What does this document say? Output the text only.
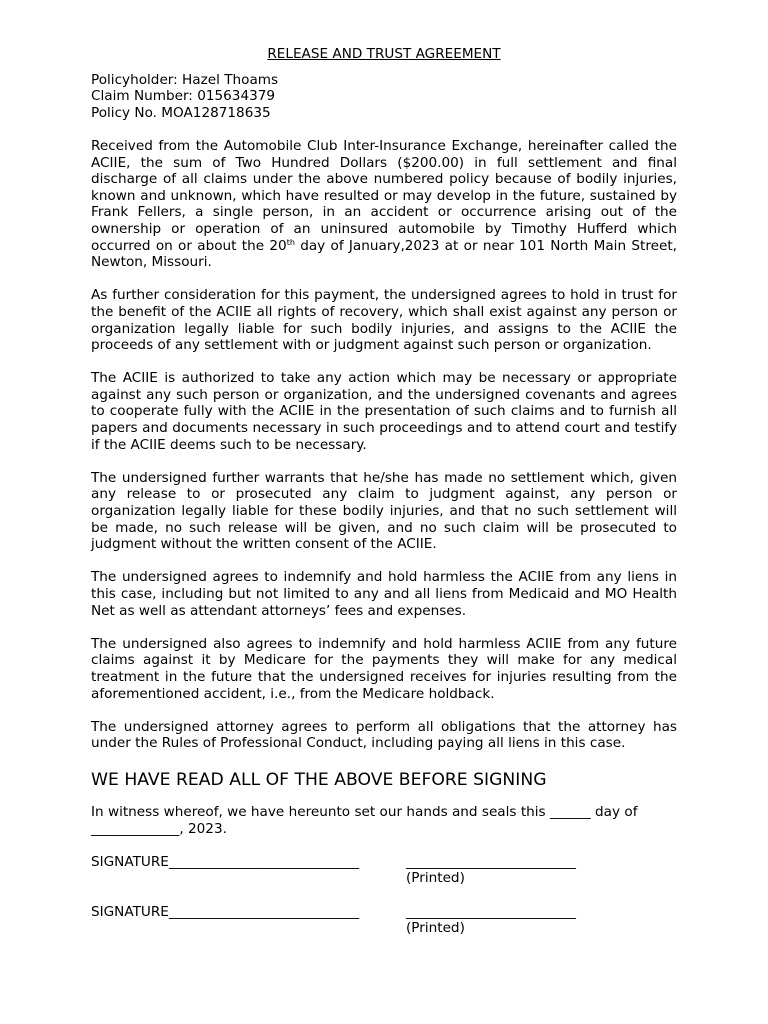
RELEASE AND TRUST AGREEMENT
Policyholder: Hazel Thoams
Claim Number: 015634379
Policy No. MOA128718635

Received from the Automobile Club Inter-Insurance Exchange, hereinafter called the ACIIE, the sum of Two Hundred Dollars ($200.00) in full settlement and final discharge of all claims under the above numbered policy because of bodily injuries, known and unknown, which have resulted or may develop in the future, sustained by Frank Fellers, a single person, in an accident or occurrence arising out of the ownership or operation of an uninsured automobile by Timothy Hufferd which occurred on or about the 20th day of January,2023 at or near 101 North Main Street, Newton, Missouri.

As further consideration for this payment, the undersigned agrees to hold in trust for the benefit of the ACIIE all rights of recovery, which shall exist against any person or organization legally liable for such bodily injuries, and assigns to the ACIIE the proceeds of any settlement with or judgment against such person or organization.

The ACIIE is authorized to take any action which may be necessary or appropriate against any such person or organization, and the undersigned covenants and agrees to cooperate fully with the ACIIE in the presentation of such claims and to furnish all papers and documents necessary in such proceedings and to attend court and testify if the ACIIE deems such to be necessary.

The undersigned further warrants that he/she has made no settlement which, given any release to or prosecuted any claim to judgment against, any person or organization legally liable for these bodily injuries, and that no such settlement will be made, no such release will be given, and no such claim will be prosecuted to judgment without the written consent of the ACIIE.

The undersigned agrees to indemnify and hold harmless the ACIIE from any liens in this case, including but not limited to any and all liens from Medicaid and MO Health Net as well as attendant attorneys’ fees and expenses.

The undersigned also agrees to indemnify and hold harmless ACIIE from any future claims against it by Medicare for the payments they will make for any medical treatment in the future that the undersigned receives for injuries resulting from the aforementioned accident, i.e., from the Medicare holdback.

The undersigned attorney agrees to perform all obligations that the attorney has under the Rules of Professional Conduct, including paying all liens in this case.

WE HAVE READ ALL OF THE ABOVE BEFORE SIGNING
In witness whereof, we have hereunto set our hands and seals this ______ day of
_____________, 2023.
SIGNATURE____________________________	_________________________
(Printed)
SIGNATURE____________________________	_________________________
(Printed)
